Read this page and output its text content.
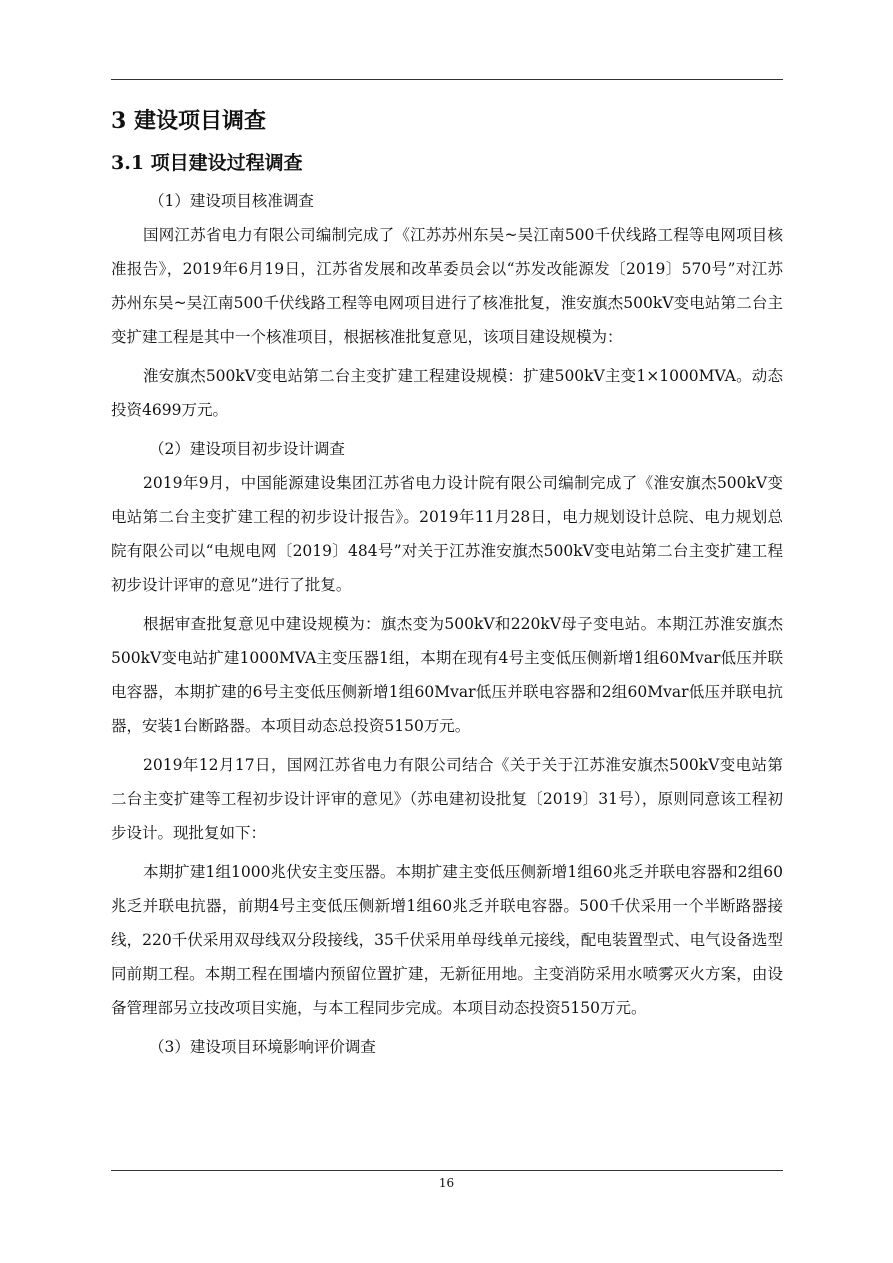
3 建设项目调查
3.1 项目建设过程调查

（1）建设项目核准调查

国网江苏省电力有限公司编制完成了《江苏苏州东吴~吴江南500千伏线路工程等电网项目核准报告》，2019年6月19日，江苏省发展和改革委员会以“苏发改能源发〔2019〕570号”对江苏苏州东吴~吴江南500千伏线路工程等电网项目进行了核准批复，淮安旗杰500kV变电站第二台主变扩建工程是其中一个核准项目，根据核准批复意见，该项目建设规模为：

淮安旗杰500kV变电站第二台主变扩建工程建设规模：扩建500kV主变1×1000MVA。动态投资4699万元。

（2）建设项目初步设计调查

2019年9月，中国能源建设集团江苏省电力设计院有限公司编制完成了《淮安旗杰500kV变电站第二台主变扩建工程的初步设计报告》。2019年11月28日，电力规划设计总院、电力规划总院有限公司以“电规电网〔2019〕484号”对关于江苏淮安旗杰500kV变电站第二台主变扩建工程初步设计评审的意见”进行了批复。

根据审查批复意见中建设规模为：旗杰变为500kV和220kV母子变电站。本期江苏淮安旗杰500kV变电站扩建1000MVA主变压器1组，本期在现有4号主变低压侧新增1组60Mvar低压并联电容器，本期扩建的6号主变低压侧新增1组60Mvar低压并联电容器和2组60Mvar低压并联电抗器，安装1台断路器。本项目动态总投资5150万元。

2019年12月17日，国网江苏省电力有限公司结合《关于关于江苏淮安旗杰500kV变电站第二台主变扩建等工程初步设计评审的意见》（苏电建初设批复〔2019〕31号），原则同意该工程初步设计。现批复如下：

本期扩建1组1000兆伏安主变压器。本期扩建主变低压侧新增1组60兆乏并联电容器和2组60兆乏并联电抗器，前期4号主变低压侧新增1组60兆乏并联电容器。500千伏采用一个半断路器接线，220千伏采用双母线双分段接线，35千伏采用单母线单元接线，配电装置型式、电气设备选型同前期工程。本期工程在围墙内预留位置扩建，无新征用地。主变消防采用水喷雾灭火方案，由设备管理部另立技改项目实施，与本工程同步完成。本项目动态投资5150万元。

（3）建设项目环境影响评价调查

16
